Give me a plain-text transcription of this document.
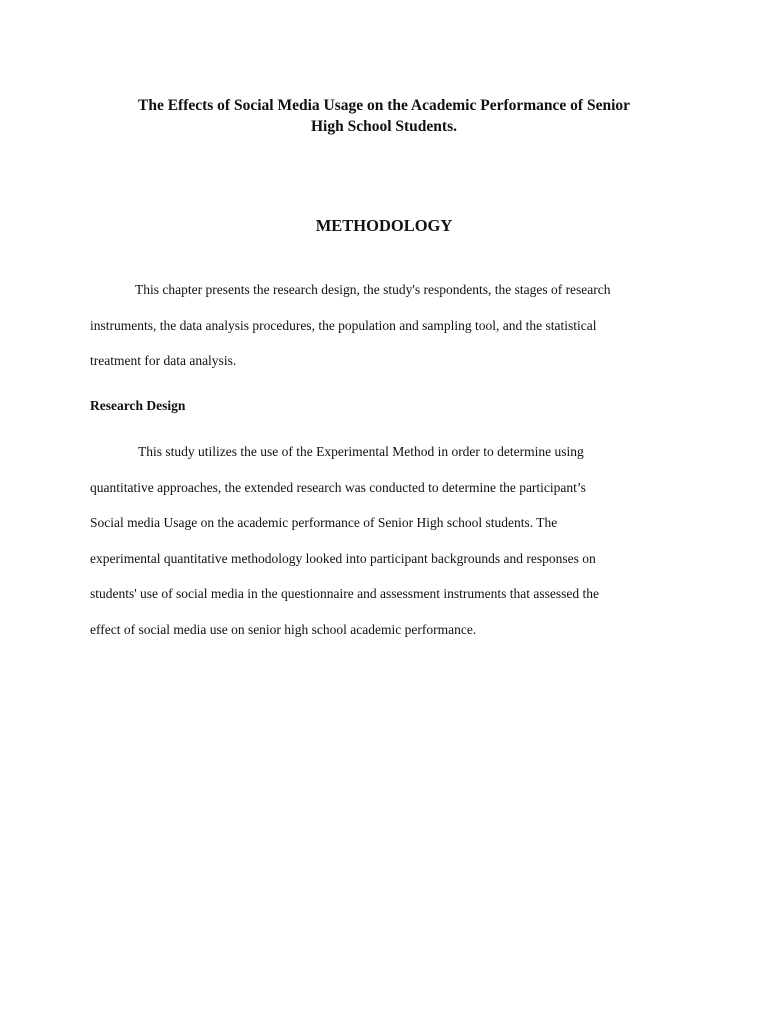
The Effects of Social Media Usage on the Academic Performance of Senior
High School Students.
METHODOLOGY

This chapter presents the research design, the study's respondents, the stages of research
instruments, the data analysis procedures, the population and sampling tool, and the statistical
treatment for data analysis.

Research Design

This study utilizes the use of the Experimental Method in order to determine using
quantitative approaches, the extended research was conducted to determine the participant’s
Social media Usage on the academic performance of Senior High school students. The
experimental quantitative methodology looked into participant backgrounds and responses on
students' use of social media in the questionnaire and assessment instruments that assessed the
effect of social media use on senior high school academic performance.
